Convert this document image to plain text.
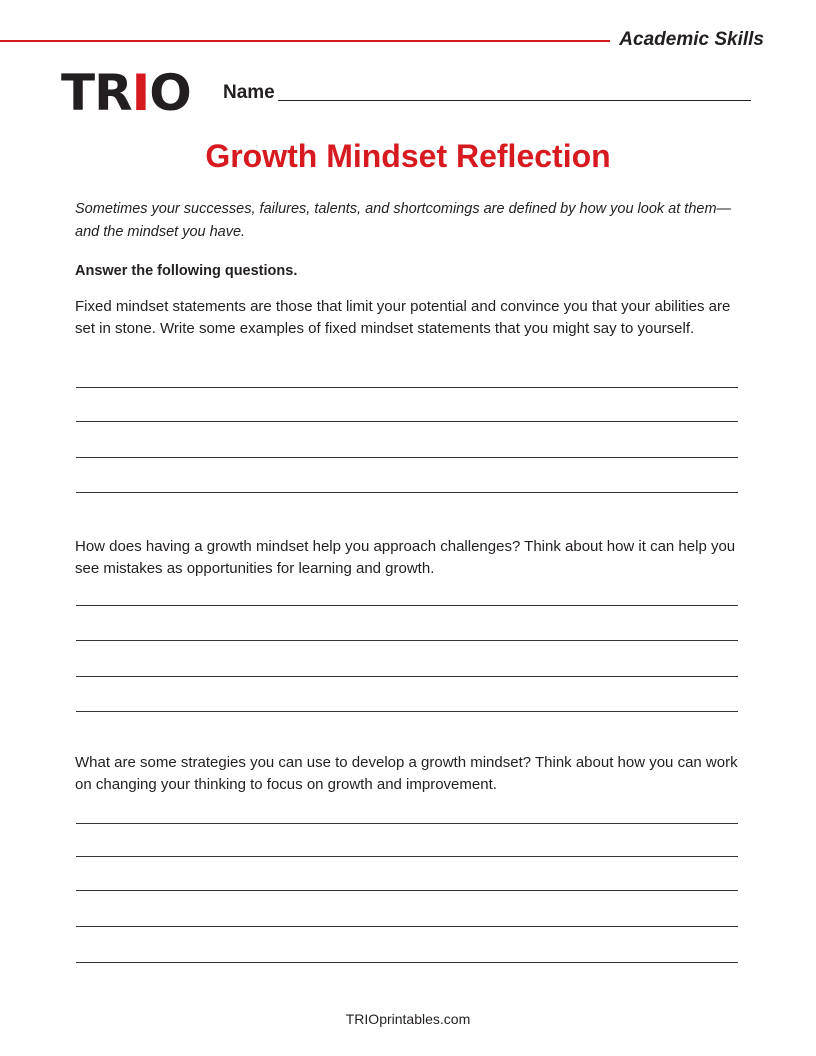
Academic Skills
TRIO Name
Growth Mindset Reflection
Sometimes your successes, failures, talents, and shortcomings are defined by how you look at them—and the mindset you have.
Answer the following questions.
Fixed mindset statements are those that limit your potential and convince you that your abilities are set in stone. Write some examples of fixed mindset statements that you might say to yourself.
How does having a growth mindset help you approach challenges? Think about how it can help you see mistakes as opportunities for learning and growth.
What are some strategies you can use to develop a growth mindset? Think about how you can work on changing your thinking to focus on growth and improvement.
TRIOprintables.com
